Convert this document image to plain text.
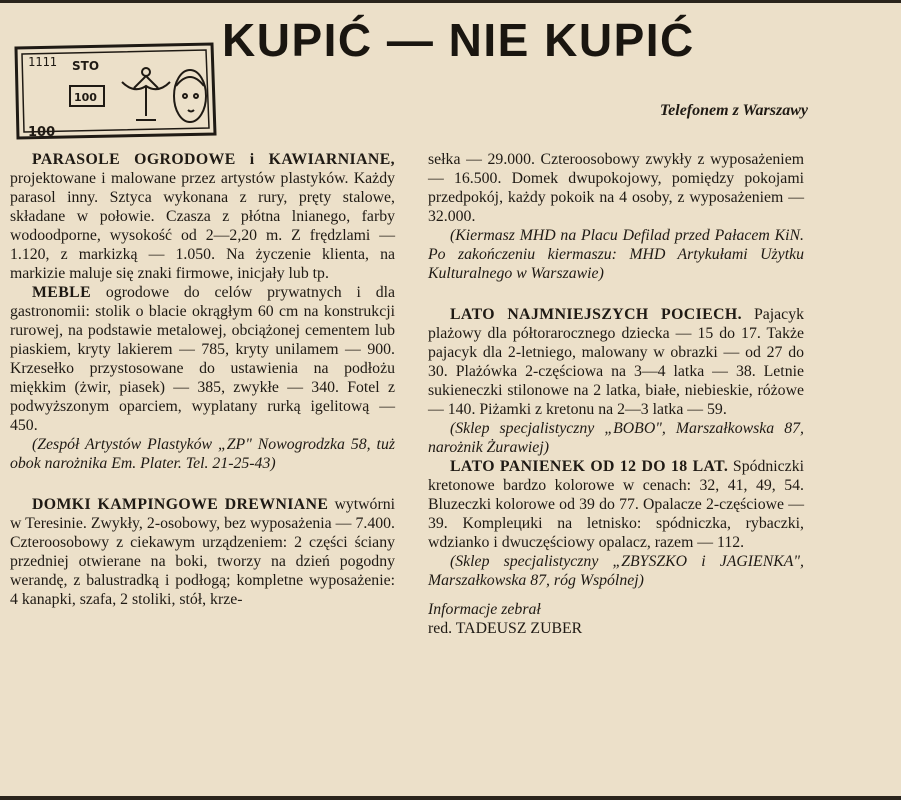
1111 STO
100
100
KUPIĆ — NIE KUPIĆ

Telefonem z Warszawy

PARASOLE OGRODOWE i KAWIARNIANE, projektowane i malowane przez artystów plastyków. Każdy parasol inny. Sztyca wykonana z rury, pręty stalowe, składane w połowie. Czasza z płótna lnianego, farby wodoodporne, wysokość od 2—2,20 m. Z frędzlami — 1.120, z markizką — 1.050. Na życzenie klienta, na markizie maluje się znaki firmowe, inicjały lub tp.

MEBLE ogrodowe do celów prywatnych i dla gastronomii: stolik o blacie okrągłym 60 cm na konstrukcji rurowej, na podstawie metalowej, obciążonej cementem lub piaskiem, kryty lakierem — 785, kryty unilamem — 900. Krzesełko przystosowane do ustawienia na podłożu miękkim (żwir, piasek) — 385, zwykłe — 340. Fotel z podwyższonym oparciem, wyplatany rurką igelitową — 450.

(Zespół Artystów Plastyków „ZP" Nowogrodzka 58, tuż obok narożnika Em. Plater. Tel. 21-25-43)

DOMKI KAMPINGOWE DREWNIANE wytwórni w Teresinie. Zwykły, 2-osobowy, bez wyposażenia — 7.400. Czteroosobowy z ciekawym urządzeniem: 2 części ściany przedniej otwierane na boki, tworzy na dzień pogodny werandę, z balustradką i podłogą; kompletne wyposażenie: 4 kanapki, szafa, 2 stoliki, stół, krze-

sełka — 29.000. Czteroosobowy zwykły z wyposażeniem — 16.500. Domek dwupokojowy, pomiędzy pokojami przedpokój, każdy pokoik na 4 osoby, z wyposażeniem — 32.000.

(Kiermasz MHD na Placu Defilad przed Pałacem KiN. Po zakończeniu kiermaszu: MHD Artykułami Użytku Kulturalnego w Warszawie)

LATO NAJMNIEJSZYCH POCIECH. Pajacyk plażowy dla półtorarocznego dziecka — 15 do 17. Także pajacyk dla 2-letniego, malowany w obrazki — od 27 do 30. Plażówka 2-częściowa na 3—4 latka — 38. Letnie sukieneczki stilonowe na 2 latka, białe, niebieskie, różowe — 140. Piżamki z kretonu na 2—3 latka — 59.

(Sklep specjalistyczny „BOBO", Marszałkowska 87, narożnik Żurawiej)

LATO PANIENEK OD 12 DO 18 LAT. Spódniczki kretonowe bardzo kolorowe w cenach: 32, 41, 49, 54. Bluzeczki kolorowe od 39 do 77. Opalacze 2-częściowe — 39. Komplециki na letnisko: spódniczka, rybaczki, wdzianko i dwuczęściowy opalacz, razem — 112.

(Sklep specjalistyczny „ZBYSZKO i JAGIENKA", Marszałkowska 87, róg Wspólnej)

Informacje zebrał
red. TADEUSZ ZUBER
